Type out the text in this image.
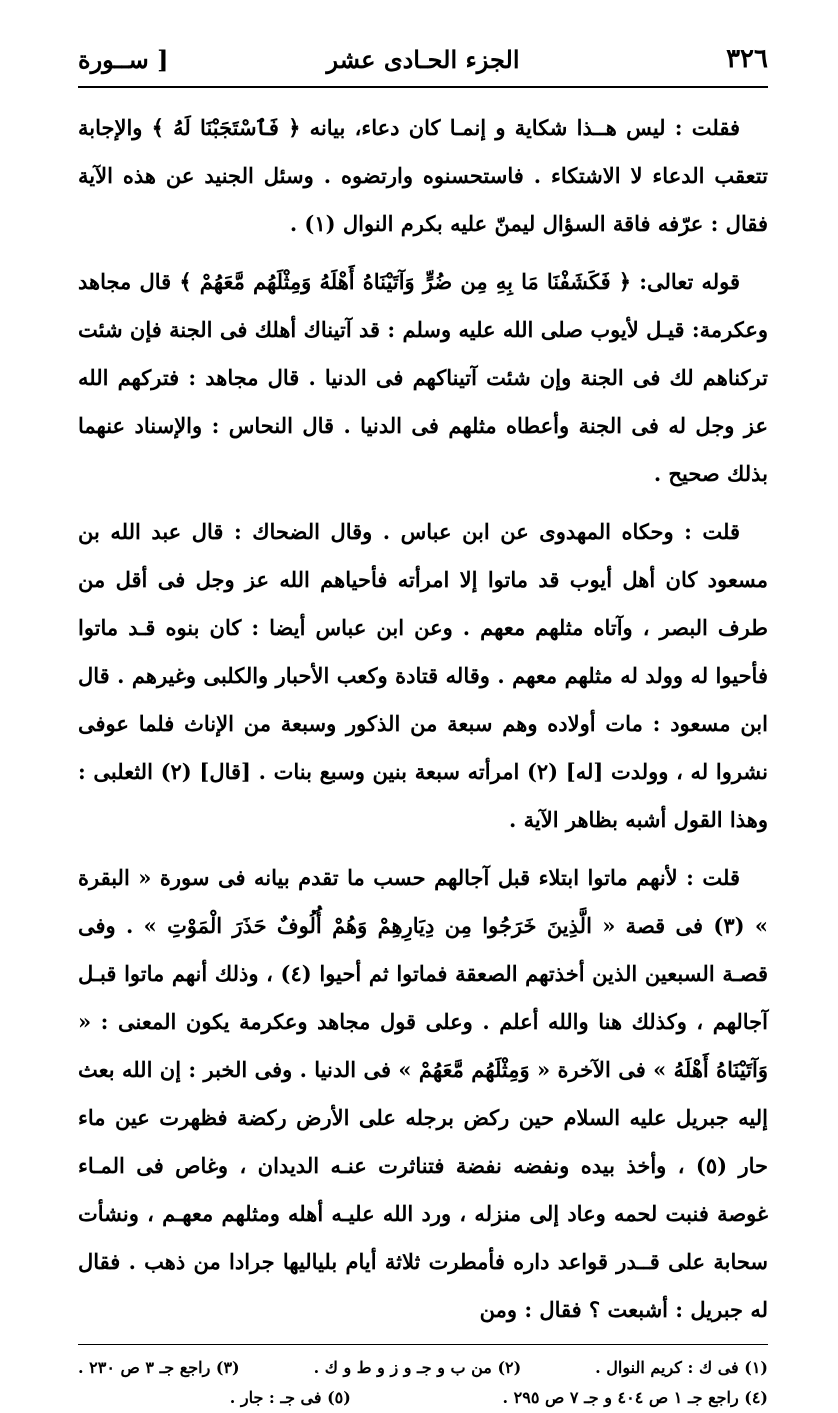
٣٢٦
الجزء الحـادى عشر
[ ســورة

فقلت : ليس هــذا شكاية و إنمـا كان دعاء، بيانه ﴿ فَٱسْتَجَبْنَا لَهُ ﴾ والإجابة تتعقب الدعاء لا الاشتكاء . فاستحسنوه وارتضوه . وسئل الجنيد عن هذه الآية فقال : عرّفه فاقة السؤال ليمنّ عليه بكرم النوال (١) .

قوله تعالى: ﴿ فَكَشَفْنَا مَا بِهِ مِن ضُرٍّ وَآتَيْنَاهُ أَهْلَهُ وَمِثْلَهُم مَّعَهُمْ ﴾ قال مجاهد وعكرمة: قيـل لأيوب صلى الله عليه وسلم : قد آتيناك أهلك فى الجنة فإن شئت تركناهم لك فى الجنة وإن شئت آتيناكهم فى الدنيا . قال مجاهد : فتركهم الله عز وجل له فى الجنة وأعطاه مثلهم فى الدنيا . قال النحاس : والإسناد عنهما بذلك صحيح .

قلت : وحكاه المهدوى عن ابن عباس . وقال الضحاك : قال عبد الله بن مسعود كان أهل أيوب قد ماتوا إلا امرأته فأحياهم الله عز وجل فى أقل من طرف البصر ، وآتاه مثلهم معهم . وعن ابن عباس أيضا : كان بنوه قـد ماتوا فأحيوا له وولد له مثلهم معهم . وقاله قتادة وكعب الأحبار والكلبى وغيرهم . قال ابن مسعود : مات أولاده وهم سبعة من الذكور وسبعة من الإناث فلما عوفى نشروا له ، وولدت [له] (٢) امرأته سبعة بنين وسبع بنات . [قال] (٢) الثعلبى : وهذا القول أشبه بظاهر الآية .

قلت : لأنهم ماتوا ابتلاء قبل آجالهم حسب ما تقدم بيانه فى سورة « البقرة » (٣) فى قصة « الَّذِينَ خَرَجُوا مِن دِيَارِهِمْ وَهُمْ أُلُوفٌ حَذَرَ الْمَوْتِ » . وفى قصـة السبعين الذين أخذتهم الصعقة فماتوا ثم أحيوا (٤) ، وذلك أنهم ماتوا قبـل آجالهم ، وكذلك هنا والله أعلم . وعلى قول مجاهد وعكرمة يكون المعنى : « وَآتَيْنَاهُ أَهْلَهُ » فى الآخرة « وَمِثْلَهُم مَّعَهُمْ » فى الدنيا . وفى الخبر : إن الله بعث إليه جبريل عليه السلام حين ركض برجله على الأرض ركضة فظهرت عين ماء حار (٥) ، وأخذ بيده ونفضه نفضة فتناثرت عنـه الديدان ، وغاص فى المـاء غوصة فنبت لحمه وعاد إلى منزله ، ورد الله عليـه أهله ومثلهم معهـم ، ونشأت سحابة على قــدر قواعد داره فأمطرت ثلاثة أيام بلياليها جرادا من ذهب . فقال له جبريل : أشبعت ؟ فقال : ومن

(١) فى ك : كريم النوال .
(٢) من ب و جـ و ز و ط و ك .
(٣) راجع جـ ٣ ص ٢٣٠ .
(٤) راجع جـ ١ ص ٤٠٤ و جـ ٧ ص ٢٩٥ .
(٥) فى جـ : جار .
